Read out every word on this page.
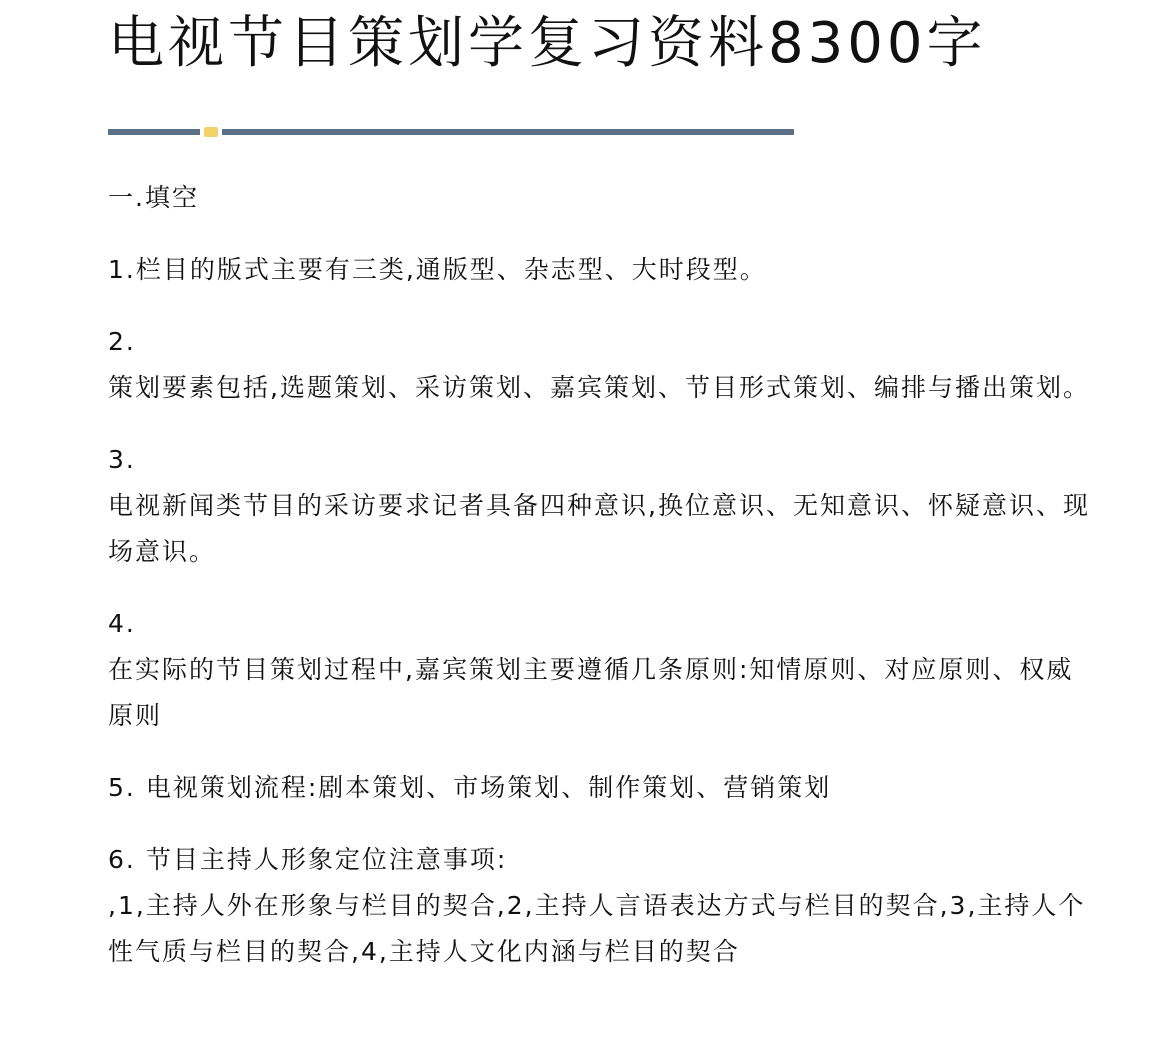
电视节目策划学复习资料8300字

一.填空

1.栏目的版式主要有三类,通版型、杂志型、大时段型。

2.

策划要素包括,选题策划、采访策划、嘉宾策划、节目形式策划、编排与播出策划。

3.

电视新闻类节目的采访要求记者具备四种意识,换位意识、无知意识、怀疑意识、现场意识。

4.

在实际的节目策划过程中,嘉宾策划主要遵循几条原则:知情原则、对应原则、权威原则

5. 电视策划流程:剧本策划、市场策划、制作策划、营销策划

6. 节目主持人形象定位注意事项:

,1,主持人外在形象与栏目的契合,2,主持人言语表达方式与栏目的契合,3,主持人个性气质与栏目的契合,4,主持人文化内涵与栏目的契合
